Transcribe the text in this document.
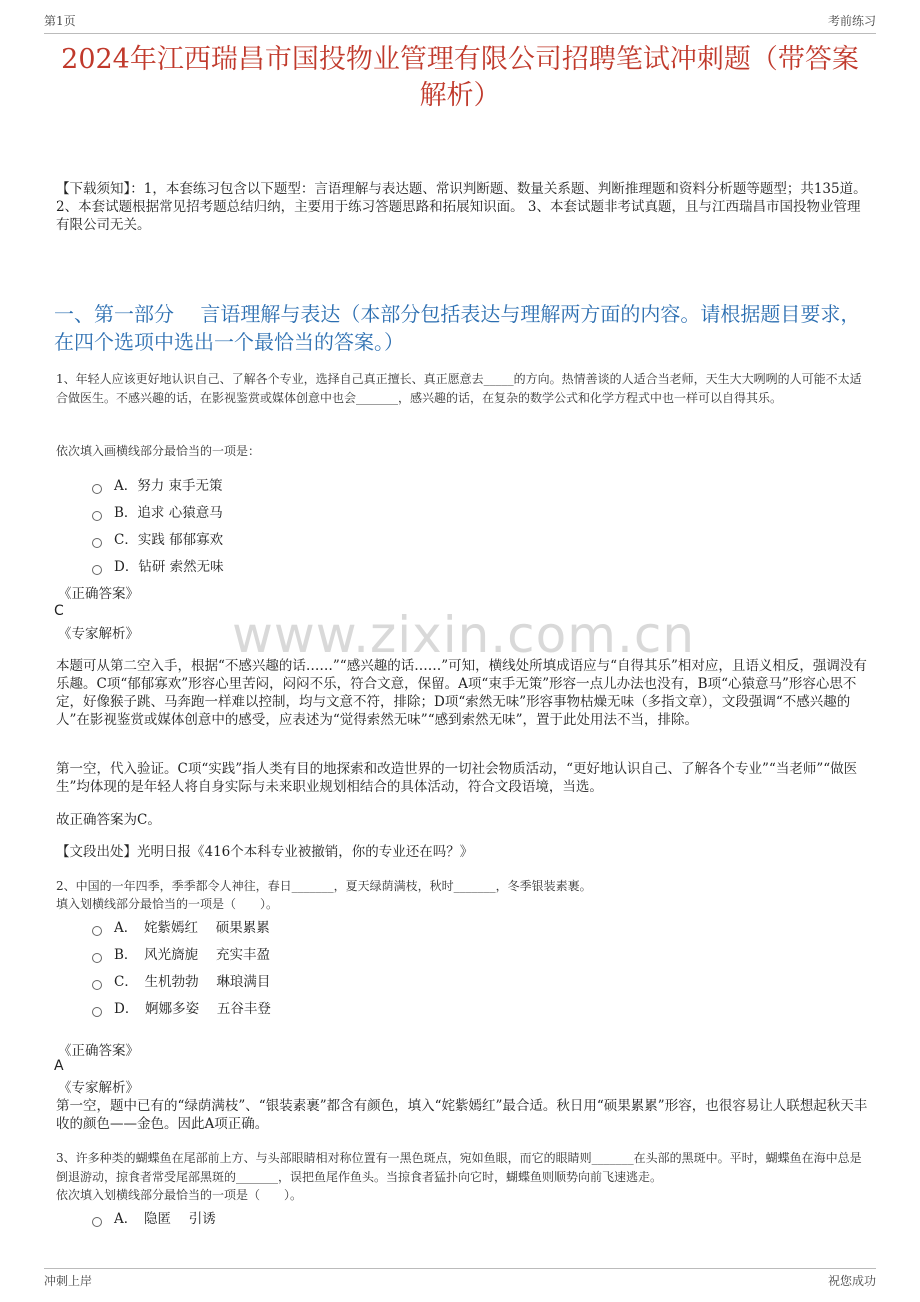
第1页	考前练习
2024年江西瑞昌市国投物业管理有限公司招聘笔试冲刺题（带答案解析）
【下载须知】：1，本套练习包含以下题型：言语理解与表达题、常识判断题、数量关系题、判断推理题和资料分析题等题型；共135道。 2、本套试题根据常见招考题总结归纳，主要用于练习答题思路和拓展知识面。 3、本套试题非考试真题，且与江西瑞昌市国投物业管理有限公司无关。
一、第一部分　 言语理解与表达（本部分包括表达与理解两方面的内容。请根据题目要求，在四个选项中选出一个最恰当的答案。）
1、年轻人应该更好地认识自己、了解各个专业，选择自己真正擅长、真正愿意去_____的方向。热情善谈的人适合当老师，天生大大咧咧的人可能不太适合做医生。不感兴趣的话，在影视鉴赏或媒体创意中也会_______，感兴趣的话，在复杂的数学公式和化学方程式中也一样可以自得其乐。
依次填入画横线部分最恰当的一项是：
A．努力 束手无策
B．追求 心猿意马
C．实践 郁郁寡欢
D．钻研 索然无味
《正确答案》
C
《专家解析》 www.zixin.com.cn
本题可从第二空入手，根据“不感兴趣的话……”“感兴趣的话……”可知，横线处所填成语应与“自得其乐”相对应，且语义相反，强调没有乐趣。C项“郁郁寡欢”形容心里苦闷，闷闷不乐，符合文意，保留。A项“束手无策”形容一点儿办法也没有，B项“心猿意马”形容心思不定，好像猴子跳、马奔跑一样难以控制，均与文意不符，排除；D项“索然无味”形容事物枯燥无味（多指文章），文段强调“不感兴趣的人”在影视鉴赏或媒体创意中的感受，应表述为“觉得索然无味”“感到索然无味”，置于此处用法不当，排除。
第一空，代入验证。C项“实践”指人类有目的地探索和改造世界的一切社会物质活动，“更好地认识自己、了解各个专业”“当老师”“做医生”均体现的是年轻人将自身实际与未来职业规划相结合的具体活动，符合文段语境，当选。
故正确答案为C。
【文段出处】光明日报《416个本科专业被撤销，你的专业还在吗？》
2、中国的一年四季，季季都令人神往，春日_______，夏天绿荫满枝，秋时_______，冬季银装素裹。
填入划横线部分最恰当的一项是（　　）。
A．　姹紫嫣红　 硕果累累
B．　风光旖旎　 充实丰盈
C．　生机勃勃　 琳琅满目
D．　婀娜多姿　 五谷丰登
《正确答案》
A
《专家解析》
第一空，题中已有的“绿荫满枝”、“银装素裹”都含有颜色，填入“姹紫嫣红”最合适。秋日用“硕果累累”形容，也很容易让人联想起秋天丰收的颜色——金色。因此A项正确。
3、许多种类的蝴蝶鱼在尾部前上方、与头部眼睛相对称位置有一黑色斑点，宛如鱼眼，而它的眼睛则_______在头部的黑斑中。平时，蝴蝶鱼在海中总是倒退游动，掠食者常受尾部黑斑的_______，误把鱼尾作鱼头。当掠食者猛扑向它时，蝴蝶鱼则顺势向前飞速逃走。
依次填入划横线部分最恰当的一项是（　　）。
A．　隐匿　 引诱
冲刺上岸	祝您成功
